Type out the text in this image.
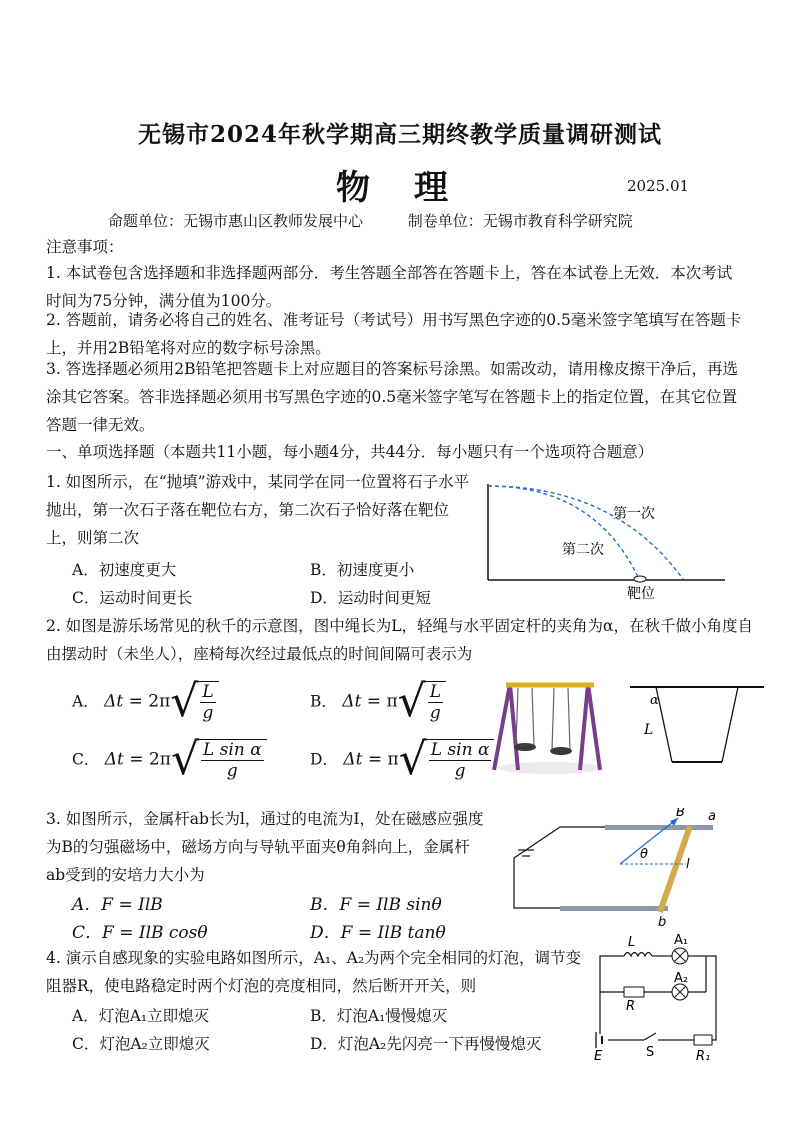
无锡市2024年秋学期高三期终教学质量调研测试
物理	2025.01
命题单位：无锡市惠山区教师发展中心	制卷单位：无锡市教育科学研究院
注意事项：
1. 本试卷包含选择题和非选择题两部分．考生答题全部答在答题卡上，答在本试卷上无效．本次考试时间为75分钟，满分值为100分。
2. 答题前，请务必将自己的姓名、准考证号（考试号）用书写黑色字迹的0.5毫米签字笔填写在答题卡上，并用2B铅笔将对应的数字标号涂黑。
3. 答选择题必须用2B铅笔把答题卡上对应题目的答案标号涂黑。如需改动，请用橡皮擦干净后，再选涂其它答案。答非选择题必须用书写黑色字迹的0.5毫米签字笔写在答题卡上的指定位置，在其它位置答题一律无效。
一、单项选择题（本题共11小题，每小题4分，共44分．每小题只有一个选项符合题意）
1. 如图所示，在“抛填”游戏中，某同学在同一位置将石子水平抛出，第一次石子落在靶位右方，第二次石子恰好落在靶位上，则第二次
A．初速度更大	B．初速度更小
C．运动时间更长	D．运动时间更短
第一次
第二次
靶位
2. 如图是游乐场常见的秋千的示意图，图中绳长为L，轻绳与水平固定杆的夹角为α，在秋千做小角度自由摆动时（未坐人），座椅每次经过最低点的时间间隔可表示为
A． $\Delta t = 2\pi√ \frac{L}{g}$	B． $\Delta t = \pi√ \frac{L}{g}$
C． $\Delta t = 2\pi√ \frac{\text{L sin α}}{g}$	D． $\Delta t = \pi√ \frac{\text{L sin α}}{g}$
α
L
3. 如图所示，金属杆ab长为l，通过的电流为I，处在磁感应强度为B的匀强磁场中，磁场方向与导轨平面夹θ角斜向上，金属杆ab受到的安培力大小为
A．F = IlB	B．F = IlB sinθ
C．F = IlB cosθ	D．F = IlB tanθ
B
θ
l
a
b
4. 演示自感现象的实验电路如图所示，A₁、A₂为两个完全相同的灯泡，调节变阻器R，使电路稳定时两个灯泡的亮度相同，然后断开开关，则
A．灯泡A₁立即熄灭	B．灯泡A₁慢慢熄灭
C．灯泡A₂立即熄灭	D．灯泡A₂先闪亮一下再慢慢熄灭
L	A₁
A₂
R
E	S	R₁
